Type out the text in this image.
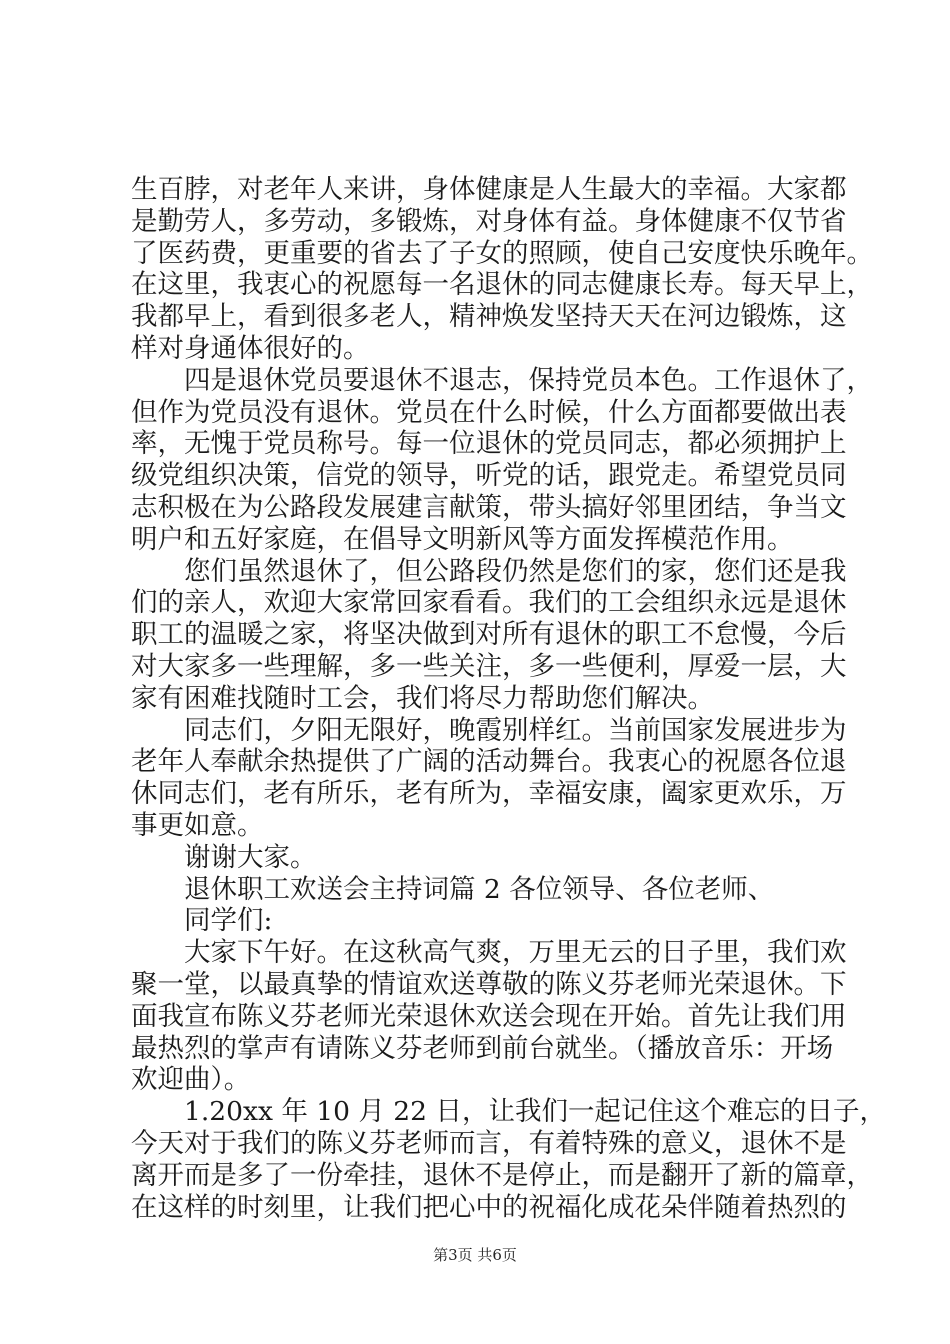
生百脖，对老年人来讲，身体健康是人生最大的幸福。大家都
是勤劳人，多劳动，多锻炼，对身体有益。身体健康不仅节省
了医药费，更重要的省去了子女的照顾，使自己安度快乐晚年。
在这里，我衷心的祝愿每一名退休的同志健康长寿。每天早上，
我都早上，看到很多老人，精神焕发坚持天天在河边锻炼，这
样对身通体很好的。
四是退休党员要退休不退志，保持党员本色。工作退休了，
但作为党员没有退休。党员在什么时候，什么方面都要做出表
率，无愧于党员称号。每一位退休的党员同志，都必须拥护上
级党组织决策，信党的领导，听党的话，跟党走。希望党员同
志积极在为公路段发展建言献策，带头搞好邻里团结，争当文
明户和五好家庭，在倡导文明新风等方面发挥模范作用。
您们虽然退休了，但公路段仍然是您们的家，您们还是我
们的亲人，欢迎大家常回家看看。我们的工会组织永远是退休
职工的温暖之家，将坚决做到对所有退休的职工不怠慢，今后
对大家多一些理解，多一些关注，多一些便利，厚爱一层，大
家有困难找随时工会，我们将尽力帮助您们解决。
同志们，夕阳无限好，晚霞别样红。当前国家发展进步为
老年人奉献余热提供了广阔的活动舞台。我衷心的祝愿各位退
休同志们，老有所乐，老有所为，幸福安康，阖家更欢乐，万
事更如意。
谢谢大家。
退休职工欢送会主持词篇 2 各位领导、各位老师、
同学们:
大家下午好。在这秋高气爽，万里无云的日子里，我们欢
聚一堂，以最真挚的情谊欢送尊敬的陈义芬老师光荣退休。下
面我宣布陈义芬老师光荣退休欢送会现在开始。首先让我们用
最热烈的掌声有请陈义芬老师到前台就坐。（播放音乐：开场
欢迎曲）。
1.20xx 年 10 月 22 日，让我们一起记住这个难忘的日子，
今天对于我们的陈义芬老师而言，有着特殊的意义，退休不是
离开而是多了一份牵挂，退休不是停止，而是翻开了新的篇章，
在这样的时刻里，让我们把心中的祝福化成花朵伴随着热烈的
第3页 共6页
